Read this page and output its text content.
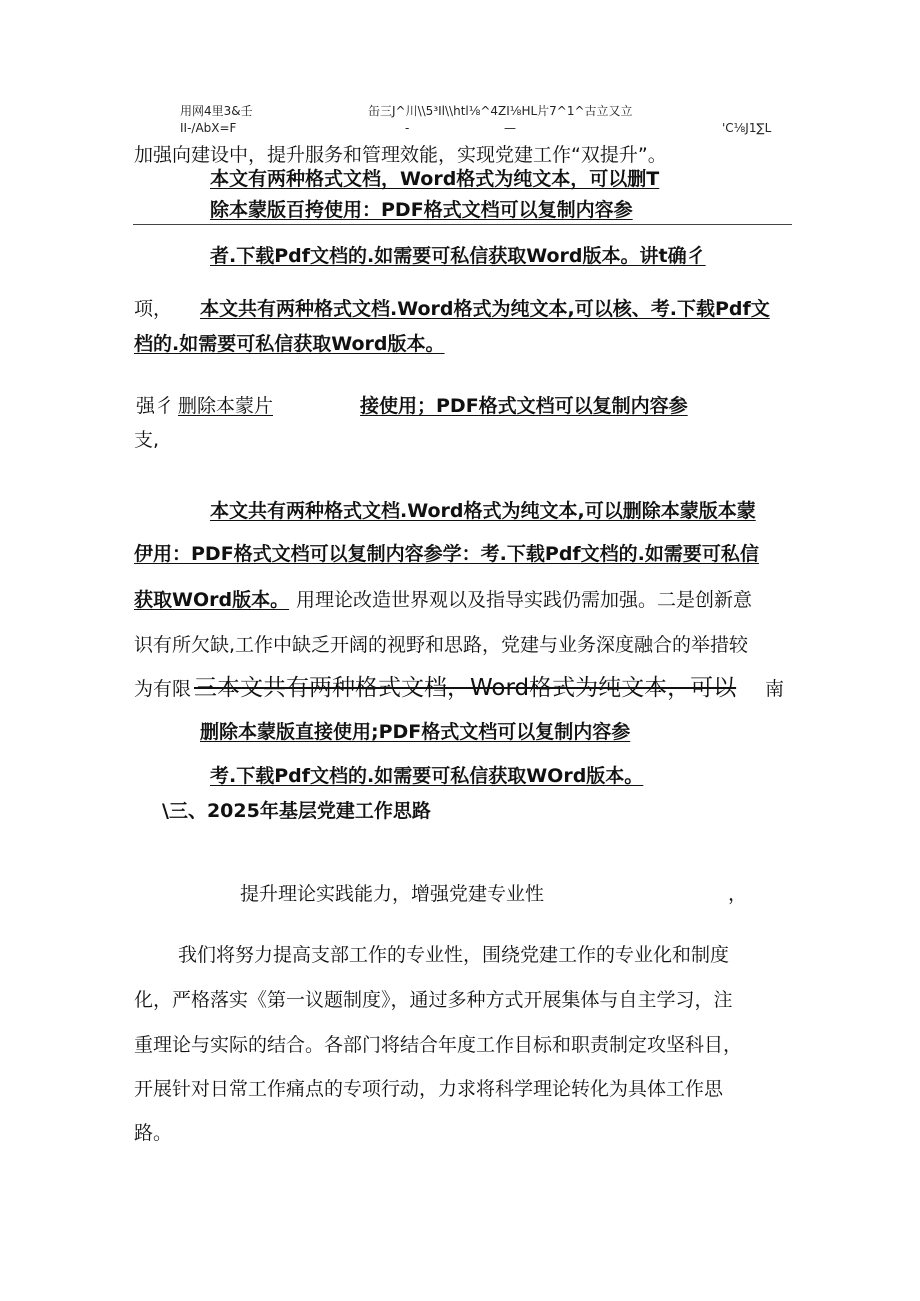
用网4里3&壬	缶三J^川\\5³Il\\htl⅛^4ZI⅛HL片7^1^古立又立
II-/AbX=F	-	—	'C⅛J1∑L
加强向建设中，提升服务和管理效能，实现党建工作“双提升”。
本文有两种格式文档，Word格式为纯文本，可以删T
除本蒙版百挎使用：PDF格式文档可以复制内容参
者.下载Pdf文档的.如需要可私信获取Word版本。讲t确彳
项， 本文共有两种格式文档.Word格式为纯文本,可以核、考.下载Pdf文
档的.如需要可私信获取Word版本。
强彳 删除本蒙片	接使用；PDF格式文档可以复制内容参
支,
本文共有两种格式文档.Word格式为纯文本,可以删除本蒙版本蒙
伊用：PDF格式文档可以复制内容参学：考.下载Pdf文档的.如需要可私信
获取WOrd版本。 用理论改造世界观以及指导实践仍需加强。二是创新意
识有所欠缺,工作中缺乏开阔的视野和思路，党建与业务深度融合的举措较
为有限 三本文共有两种格式文档，Word格式为纯文本，可以 南
删除本蒙版直接使用;PDF格式文档可以复制内容参
考.下载Pdf文档的.如需要可私信获取WOrd版本。
\三、2025年基层党建工作思路
提升理论实践能力，增强党建专业性	，
我们将努力提高支部工作的专业性，围绕党建工作的专业化和制度
化，严格落实《第一议题制度》，通过多种方式开展集体与自主学习，注
重理论与实际的结合。各部门将结合年度工作目标和职责制定攻坚科目，
开展针对日常工作痛点的专项行动，力求将科学理论转化为具体工作思
路。
